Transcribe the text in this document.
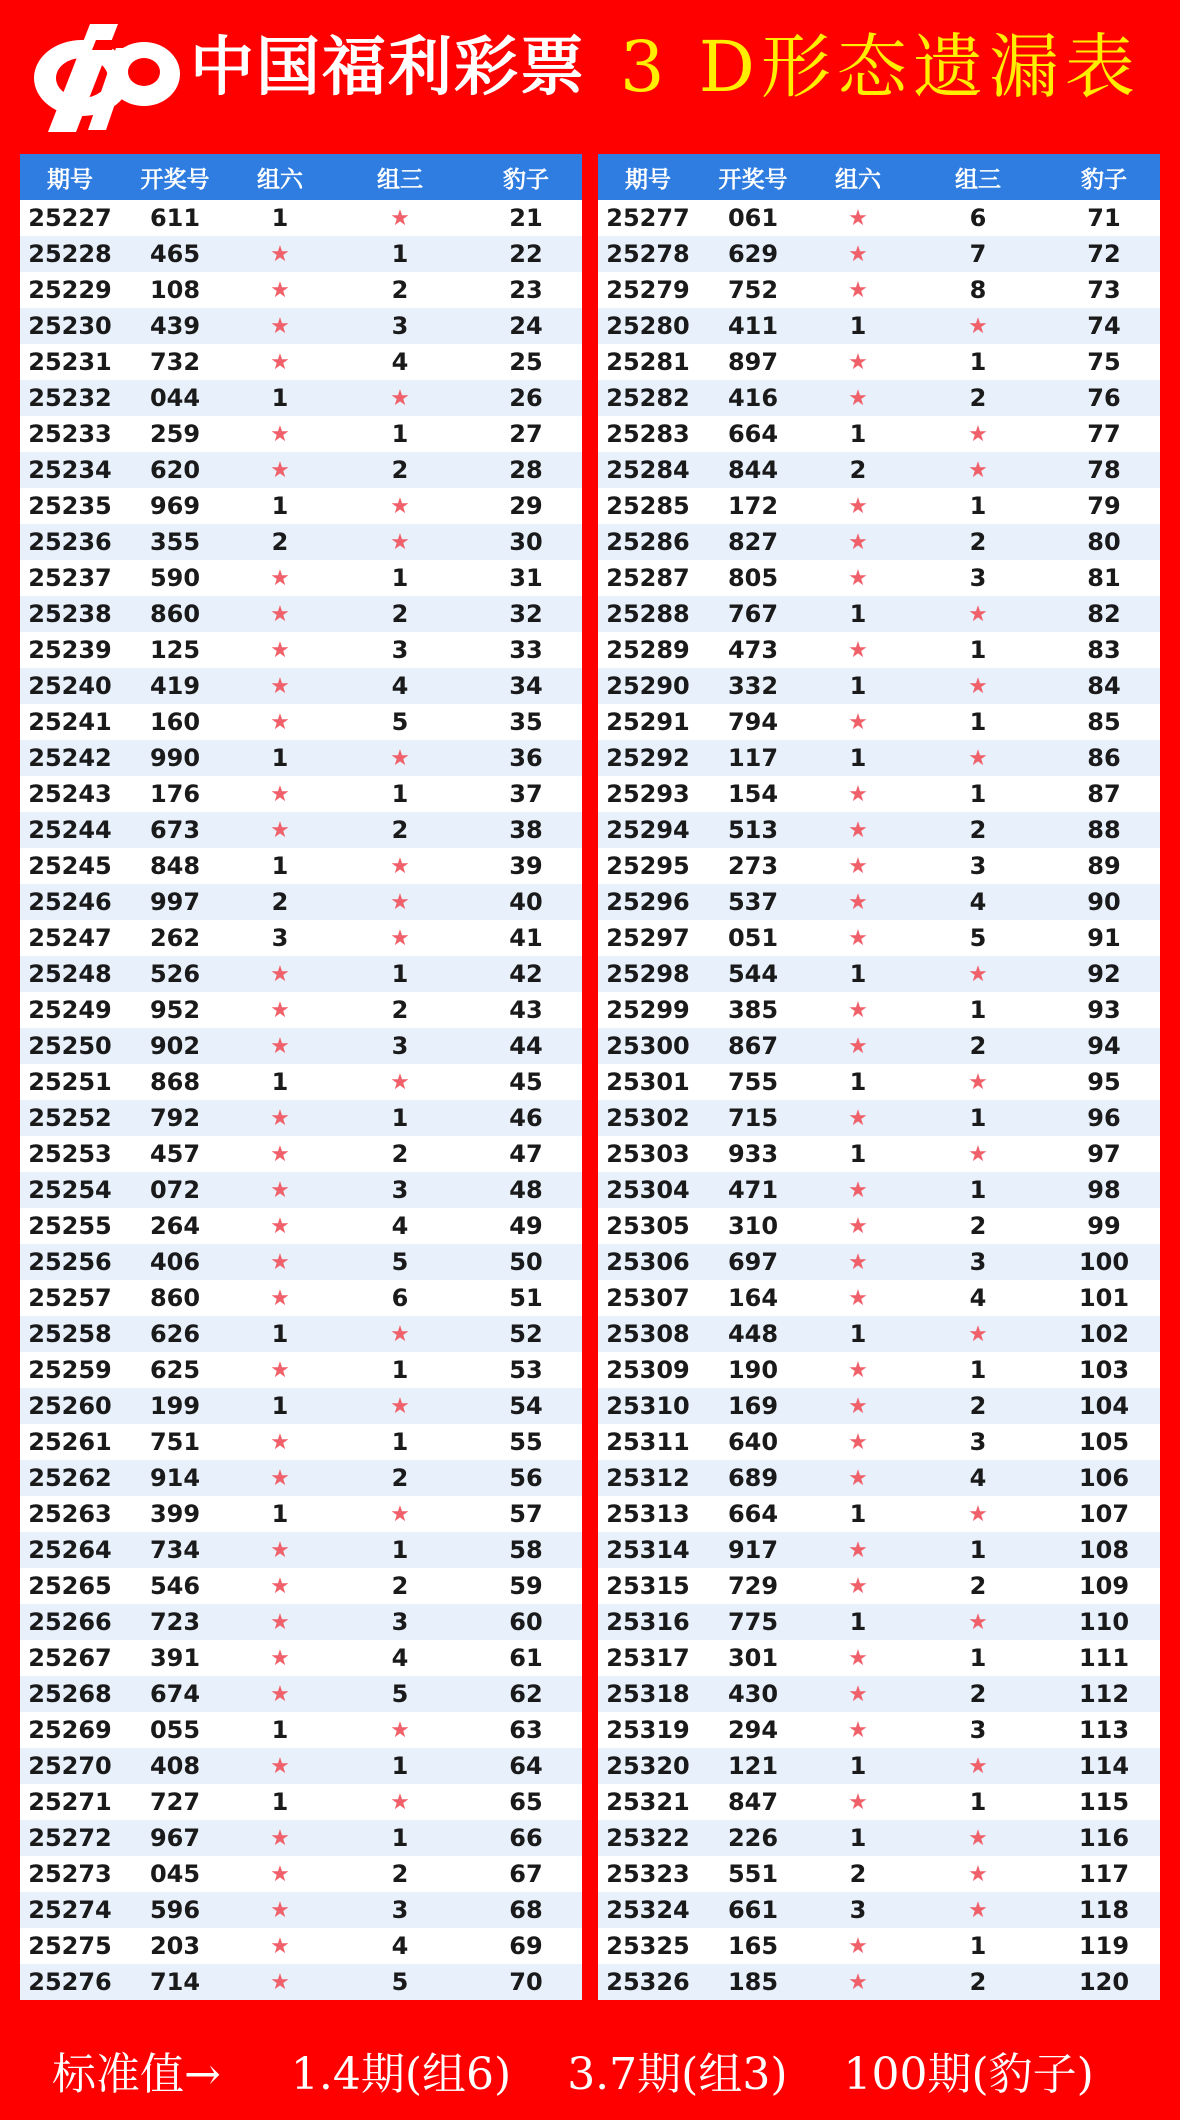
中国福利彩票 3 D形态遗漏表
期号	开奖号	组六	组三	豹子
25227	611	1	★	21
25228	465	★	1	22
25229	108	★	2	23
25230	439	★	3	24
25231	732	★	4	25
25232	044	1	★	26
25233	259	★	1	27
25234	620	★	2	28
25235	969	1	★	29
25236	355	2	★	30
25237	590	★	1	31
25238	860	★	2	32
25239	125	★	3	33
25240	419	★	4	34
25241	160	★	5	35
25242	990	1	★	36
25243	176	★	1	37
25244	673	★	2	38
25245	848	1	★	39
25246	997	2	★	40
25247	262	3	★	41
25248	526	★	1	42
25249	952	★	2	43
25250	902	★	3	44
25251	868	1	★	45
25252	792	★	1	46
25253	457	★	2	47
25254	072	★	3	48
25255	264	★	4	49
25256	406	★	5	50
25257	860	★	6	51
25258	626	1	★	52
25259	625	★	1	53
25260	199	1	★	54
25261	751	★	1	55
25262	914	★	2	56
25263	399	1	★	57
25264	734	★	1	58
25265	546	★	2	59
25266	723	★	3	60
25267	391	★	4	61
25268	674	★	5	62
25269	055	1	★	63
25270	408	★	1	64
25271	727	1	★	65
25272	967	★	1	66
25273	045	★	2	67
25274	596	★	3	68
25275	203	★	4	69
25276	714	★	5	70
期号	开奖号	组六	组三	豹子
25277	061	★	6	71
25278	629	★	7	72
25279	752	★	8	73
25280	411	1	★	74
25281	897	★	1	75
25282	416	★	2	76
25283	664	1	★	77
25284	844	2	★	78
25285	172	★	1	79
25286	827	★	2	80
25287	805	★	3	81
25288	767	1	★	82
25289	473	★	1	83
25290	332	1	★	84
25291	794	★	1	85
25292	117	1	★	86
25293	154	★	1	87
25294	513	★	2	88
25295	273	★	3	89
25296	537	★	4	90
25297	051	★	5	91
25298	544	1	★	92
25299	385	★	1	93
25300	867	★	2	94
25301	755	1	★	95
25302	715	★	1	96
25303	933	1	★	97
25304	471	★	1	98
25305	310	★	2	99
25306	697	★	3	100
25307	164	★	4	101
25308	448	1	★	102
25309	190	★	1	103
25310	169	★	2	104
25311	640	★	3	105
25312	689	★	4	106
25313	664	1	★	107
25314	917	★	1	108
25315	729	★	2	109
25316	775	1	★	110
25317	301	★	1	111
25318	430	★	2	112
25319	294	★	3	113
25320	121	1	★	114
25321	847	★	1	115
25322	226	1	★	116
25323	551	2	★	117
25324	661	3	★	118
25325	165	★	1	119
25326	185	★	2	120
标准值→ 1.4期(组6) 3.7期(组3) 100期(豹子)
